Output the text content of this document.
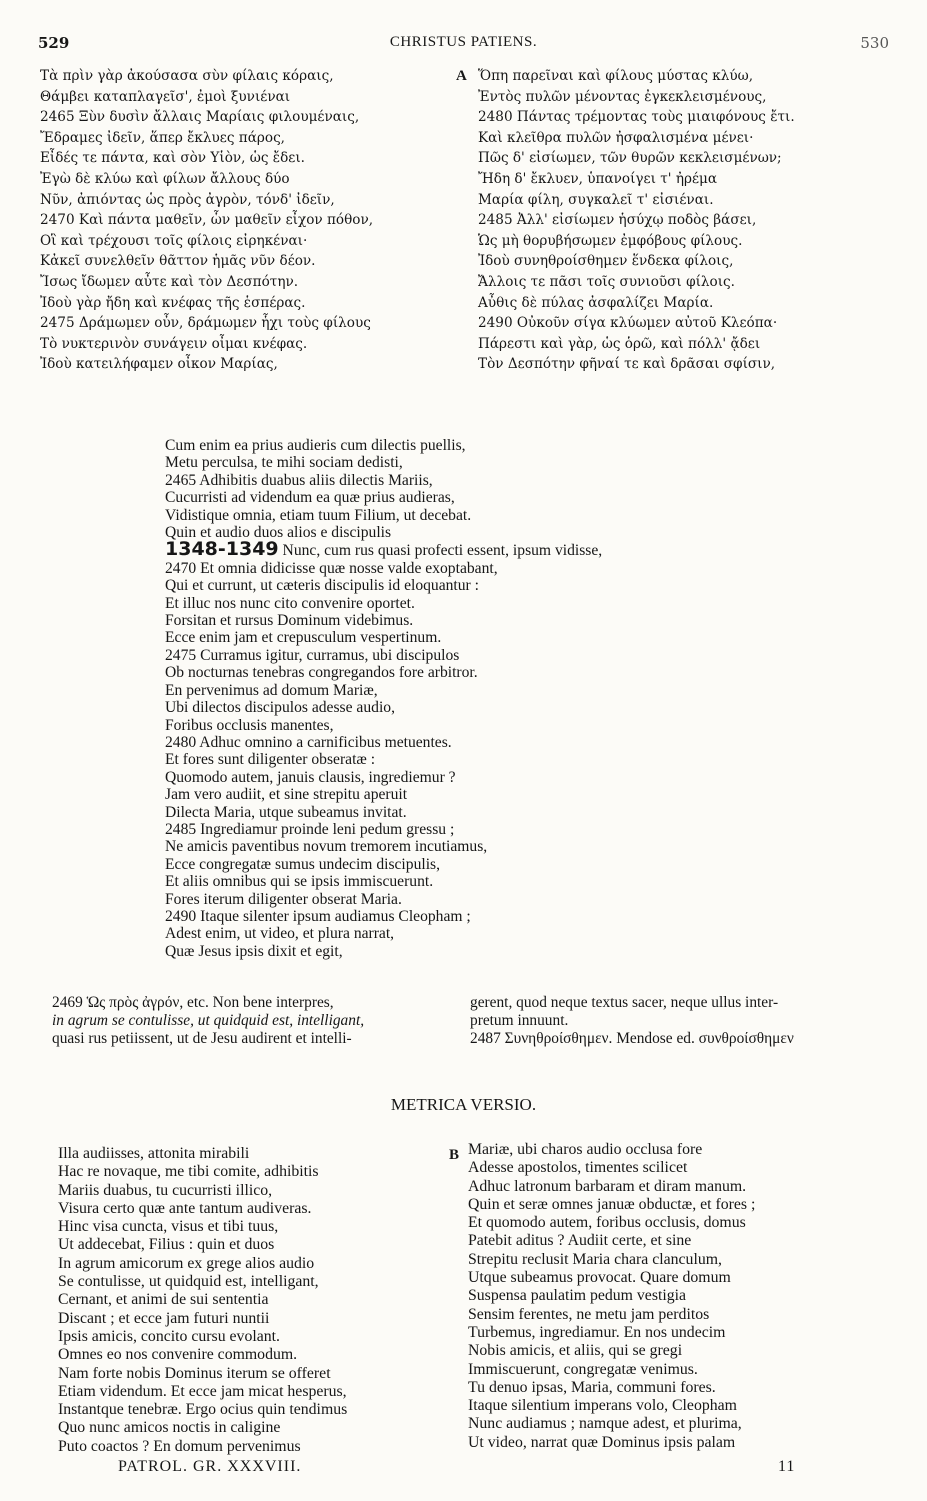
529	CHRISTUS PATIENS.	530
Τὰ πρὶν γὰρ ἀκούσασα σὺν φίλαις κόραις,
Θάμβει καταπλαγεῖσ', ἐμοὶ ξυνιέναι
2465 Ξὺν δυσὶν ἄλλαις Μαρίαις φιλουμέναις,
Ἔδραμες ἰδεῖν, ἅπερ ἔκλυες πάρος,
Εἶδές τε πάντα, καὶ σὸν Υἱὸν, ὡς ἔδει.
Ἐγὼ δὲ κλύω καὶ φίλων ἄλλους δύο
Νῦν, ἀπιόντας ὡς πρὸς ἀγρὸν, τόνδ' ἰδεῖν,
2470 Καὶ πάντα μαθεῖν, ὧν μαθεῖν εἶχον πόθον,
Οἳ καὶ τρέχουσι τοῖς φίλοις εἰρηκέναι·
Κἀκεῖ συνελθεῖν θᾶττον ἡμᾶς νῦν δέον.
Ἴσως ἴδωμεν αὖτε καὶ τὸν Δεσπότην.
Ἰδοὺ γὰρ ἤδη καὶ κνέφας τῆς ἑσπέρας.
2475 Δράμωμεν οὖν, δράμωμεν ἧχι τοὺς φίλους
Τὸ νυκτερινὸν συνάγειν οἶμαι κνέφας.
Ἰδοὺ κατειλήφαμεν οἶκον Μαρίας,
A Ὅπη παρεῖναι καὶ φίλους μύστας κλύω,
Ἐντὸς πυλῶν μένοντας ἐγκεκλεισμένους,
2480 Πάντας τρέμοντας τοὺς μιαιφόνους ἔτι.
Καὶ κλεῖθρα πυλῶν ἠσφαλισμένα μένει·
Πῶς δ' εἰσίωμεν, τῶν θυρῶν κεκλεισμένων;
Ἤδη δ' ἔκλυεν, ὑπανοίγει τ' ἠρέμα
Μαρία φίλη, συγκαλεῖ τ' εἰσιέναι.
2485 Ἀλλ' εἰσίωμεν ἡσύχῳ ποδὸς βάσει,
Ὡς μὴ θορυβήσωμεν ἐμφόβους φίλους.
Ἰδοὺ συνηθροίσθημεν ἕνδεκα φίλοις,
Ἄλλοις τε πᾶσι τοῖς συνιοῦσι φίλοις.
Αὖθις δὲ πύλας ἀσφαλίζει Μαρία.
2490 Οὐκοῦν σίγα κλύωμεν αὐτοῦ Κλεόπα·
Πάρεστι καὶ γὰρ, ὡς ὁρῶ, καὶ πόλλ' ᾄδει
Τὸν Δεσπότην φῆναί τε καὶ δρᾶσαι σφίσιν,
Cum enim ea prius audieris cum dilectis puellis,
Metu perculsa, te mihi sociam dedisti,
2465 Adhibitis duabus aliis dilectis Mariis,
Cucurristi ad videndum ea quæ prius audieras,
Vidistique omnia, etiam tuum Filium, ut decebat.
Quin et audio duos alios e discipulis
1348-1349 Nunc, cum rus quasi profecti essent, ipsum vidisse,
2470 Et omnia didicisse quæ nosse valde exoptabant,
Qui et currunt, ut cæteris discipulis id eloquantur :
Et illuc nos nunc cito convenire oportet.
Forsitan et rursus Dominum videbimus.
Ecce enim jam et crepusculum vespertinum.
2475 Curramus igitur, curramus, ubi discipulos
Ob nocturnas tenebras congregandos fore arbitror.
En pervenimus ad domum Mariæ,
Ubi dilectos discipulos adesse audio,
Foribus occlusis manentes,
2480 Adhuc omnino a carnificibus metuentes.
Et fores sunt diligenter obseratæ :
Quomodo autem, januis clausis, ingrediemur ?
Jam vero audiit, et sine strepitu aperuit
Dilecta Maria, utque subeamus invitat.
2485 Ingrediamur proinde leni pedum gressu ;
Ne amicis paventibus novum tremorem incutiamus,
Ecce congregatæ sumus undecim discipulis,
Et aliis omnibus qui se ipsis immiscuerunt.
Fores iterum diligenter obserat Maria.
2490 Itaque silenter ipsum audiamus Cleopham ;
Adest enim, ut video, et plura narrat,
Quæ Jesus ipsis dixit et egit,
2469 Ὡς πρὸς ἀγρόν, etc. Non bene interpres,
in agrum se contulisse, ut quidquid est, intelligant,
quasi rus petiissent, ut de Jesu audirent et intelli-
gerent, quod neque textus sacer, neque ullus inter-
pretum innuunt.
2487 Συνηθροίσθημεν. Mendose ed. συνθροίσθημεν
METRICA VERSIO.
Illa audiisses, attonita mirabili
Hac re novaque, me tibi comite, adhibitis
Mariis duabus, tu cucurristi illico,
Visura certo quæ ante tantum audiveras.
Hinc visa cuncta, visus et tibi tuus,
Ut addecebat, Filius : quin et duos
In agrum amicorum ex grege alios audio
Se contulisse, ut quidquid est, intelligant,
Cernant, et animi de sui sententia
Discant ; et ecce jam futuri nuntii
Ipsis amicis, concito cursu evolant.
Omnes eo nos convenire commodum.
Nam forte nobis Dominus iterum se offeret
Etiam videndum. Et ecce jam micat hesperus,
Instantque tenebræ. Ergo ocius quin tendimus
Quo nunc amicos noctis in caligine
Puto coactos ? En domum pervenimus
B Mariæ, ubi charos audio occlusa fore
Adesse apostolos, timentes scilicet
Adhuc latronum barbaram et diram manum.
Quin et seræ omnes januæ obductæ, et fores ;
Et quomodo autem, foribus occlusis, domus
Patebit aditus ? Audiit certe, et sine
Strepitu reclusit Maria chara clanculum,
Utque subeamus provocat. Quare domum
Suspensa paulatim pedum vestigia
Sensim ferentes, ne metu jam perditos
Turbemus, ingrediamur. En nos undecim
Nobis amicis, et aliis, qui se gregi
Immiscuerunt, congregatæ venimus.
Tu denuo ipsas, Maria, communi fores.
Itaque silentium imperans volo, Cleopham
Nunc audiamus ; namque adest, et plurima,
Ut video, narrat quæ Dominus ipsis palam
PATROL. GR. XXXVIII.	11
